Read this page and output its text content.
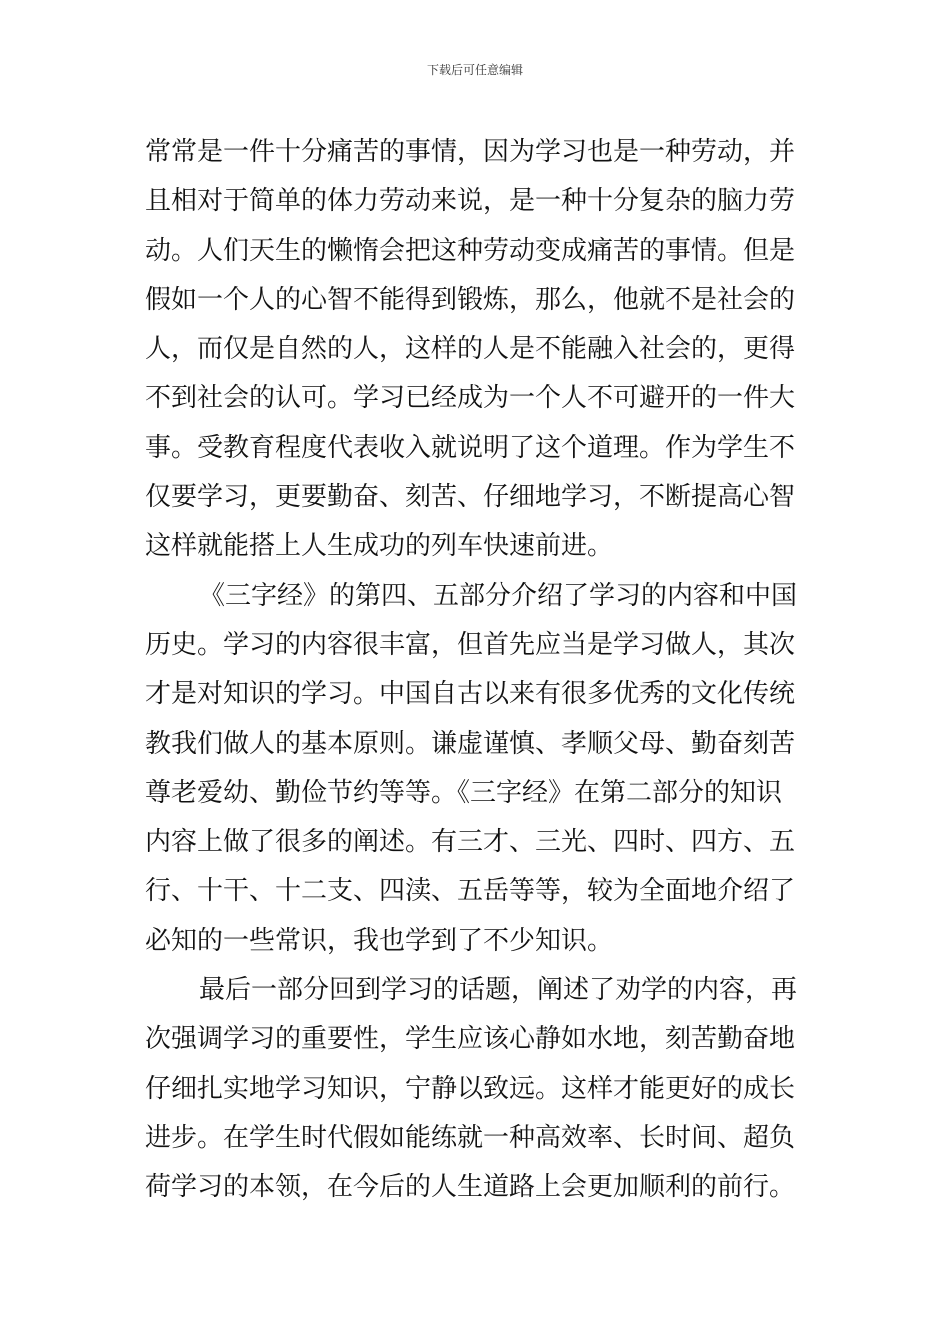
下载后可任意编辑
常常是一件十分痛苦的事情，因为学习也是一种劳动，并
且相对于简单的体力劳动来说，是一种十分复杂的脑力劳
动。人们天生的懒惰会把这种劳动变成痛苦的事情。但是
假如一个人的心智不能得到锻炼，那么，他就不是社会的
人，而仅是自然的人，这样的人是不能融入社会的，更得
不到社会的认可。学习已经成为一个人不可避开的一件大
事。受教育程度代表收入就说明了这个道理。作为学生不
仅要学习，更要勤奋、刻苦、仔细地学习，不断提高心智
这样就能搭上人生成功的列车快速前进。
《三字经》的第四、五部分介绍了学习的内容和中国
历史。学习的内容很丰富，但首先应当是学习做人，其次
才是对知识的学习。中国自古以来有很多优秀的文化传统
教我们做人的基本原则。谦虚谨慎、孝顺父母、勤奋刻苦
尊老爱幼、勤俭节约等等。《三字经》在第二部分的知识
内容上做了很多的阐述。有三才、三光、四时、四方、五
行、十干、十二支、四渎、五岳等等，较为全面地介绍了
必知的一些常识，我也学到了不少知识。
最后一部分回到学习的话题，阐述了劝学的内容，再
次强调学习的重要性，学生应该心静如水地，刻苦勤奋地
仔细扎实地学习知识，宁静以致远。这样才能更好的成长
进步。在学生时代假如能练就一种高效率、长时间、超负
荷学习的本领，在今后的人生道路上会更加顺利的前行。
